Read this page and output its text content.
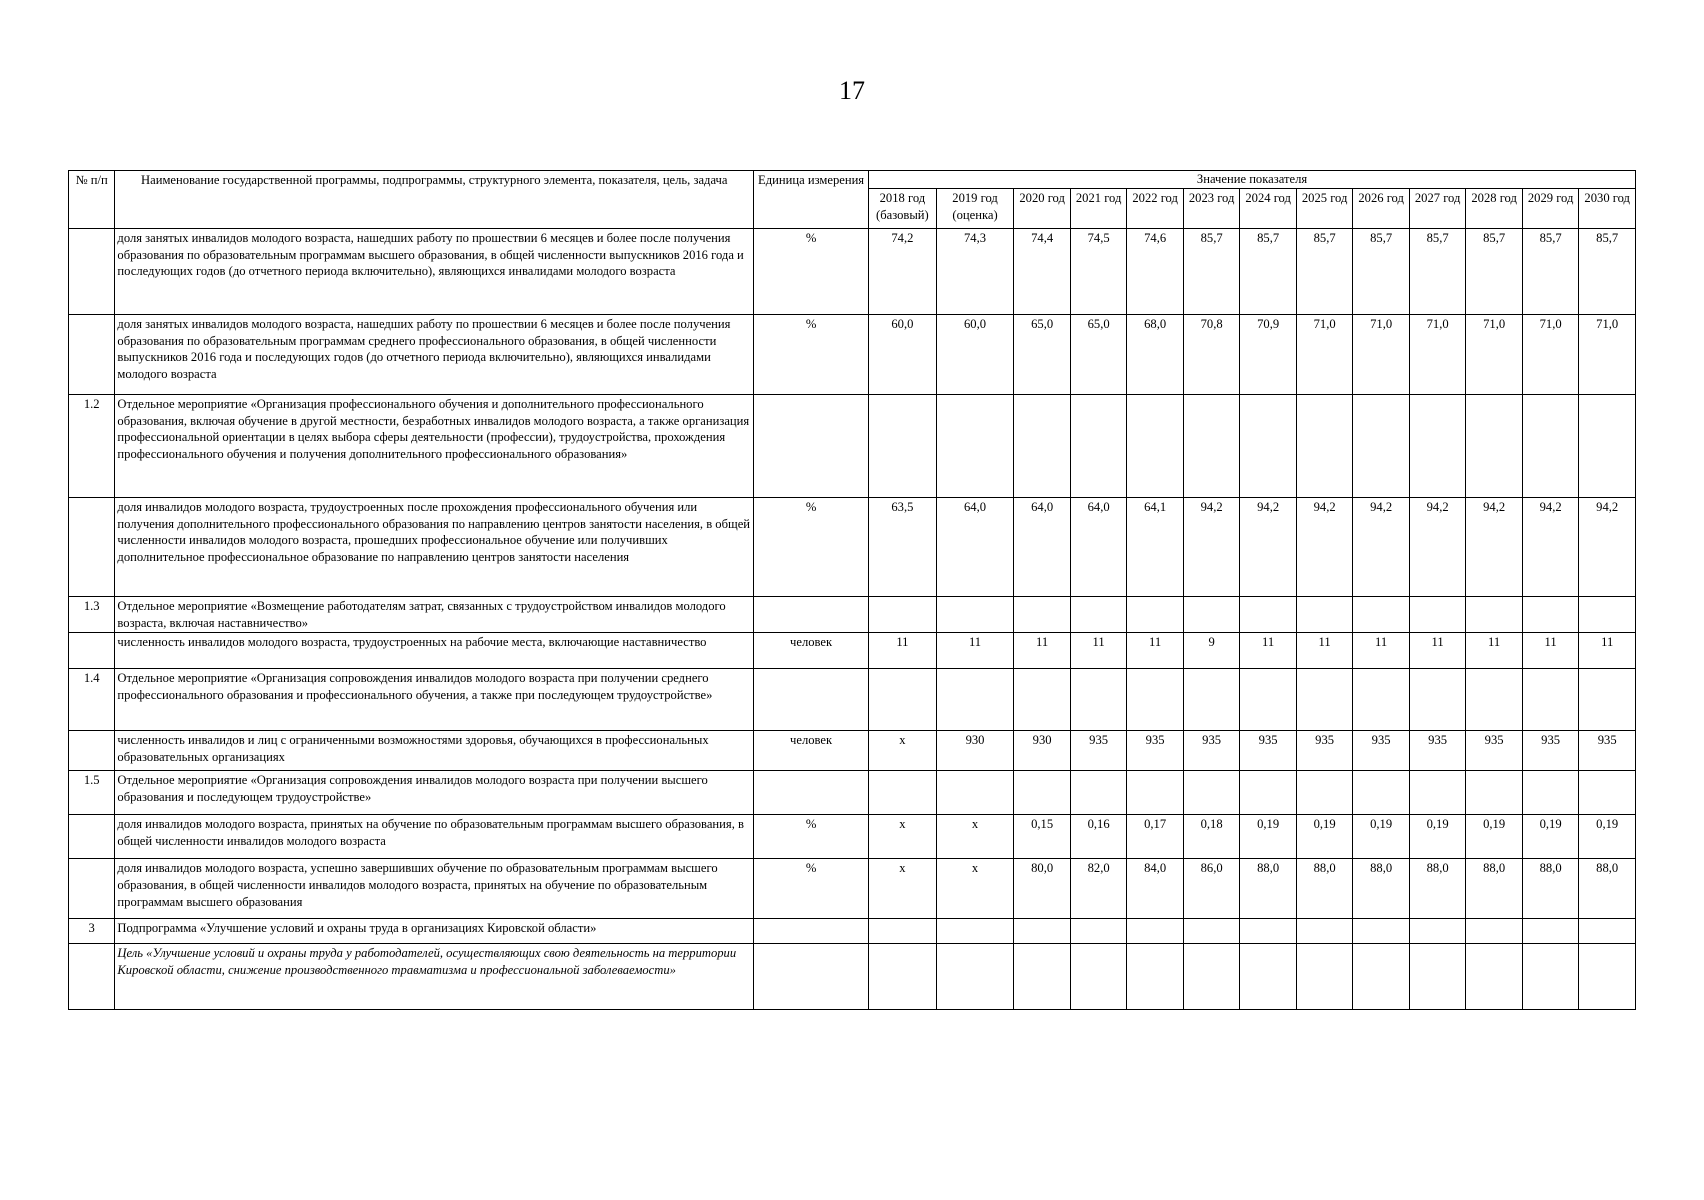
17
№ п/п	Наименование государственной программы, подпрограммы, структурного элемента, показателя, цель, задача	Единица измерения	Значение показателя												
			2018 год (базовый)	2019 год (оценка)	2020 год	2021 год	2022 год	2023 год	2024 год	2025 год	2026 год	2027 год	2028 год	2029 год	2030 год
	доля занятых инвалидов молодого возраста, нашедших работу по прошествии 6 месяцев и более после получения образования по образовательным программам высшего образования, в общей численности выпускников 2016 года и последующих годов (до отчетного периода включительно), являющихся инвалидами молодого возраста	%	74,2	74,3	74,4	74,5	74,6	85,7	85,7	85,7	85,7	85,7	85,7	85,7	85,7
	доля занятых инвалидов молодого возраста, нашедших работу по прошествии 6 месяцев и более после получения образования по образовательным программам среднего профессионального образования, в общей численности выпускников 2016 года и последующих годов (до отчетного периода включительно), являющихся инвалидами молодого возраста	%	60,0	60,0	65,0	65,0	68,0	70,8	70,9	71,0	71,0	71,0	71,0	71,0	71,0
1.2	Отдельное мероприятие «Организация профессионального обучения и дополнительного профессионального образования, включая обучение в другой местности, безработных инвалидов молодого возраста, а также организация профессиональной ориентации в целях выбора сферы деятельности (профессии), трудоустройства, прохождения профессионального обучения и получения дополнительного профессионального образования»														
	доля инвалидов молодого возраста, трудоустроенных после прохождения профессионального обучения или получения дополнительного профессионального образования по направлению центров занятости населения, в общей численности инвалидов молодого возраста, прошедших профессиональное обучение или получивших дополнительное профессиональное образование по направлению центров занятости населения	%	63,5	64,0	64,0	64,0	64,1	94,2	94,2	94,2	94,2	94,2	94,2	94,2	94,2
1.3	Отдельное мероприятие «Возмещение работодателям затрат, связанных с трудоустройством инвалидов молодого возраста, включая наставничество»														
	численность инвалидов молодого возраста, трудоустроенных на рабочие места, включающие наставничество	человек	11	11	11	11	11	9	11	11	11	11	11	11	11
1.4	Отдельное мероприятие «Организация сопровождения инвалидов молодого возраста при получении среднего профессионального образования и профессионального обучения, а также при последующем трудоустройстве»														
	численность инвалидов и лиц с ограниченными возможностями здоровья, обучающихся в профессиональных образовательных организациях	человек	x	930	930	935	935	935	935	935	935	935	935	935	935
1.5	Отдельное мероприятие «Организация сопровождения инвалидов молодого возраста при получении высшего образования и последующем трудоустройстве»														
	доля инвалидов молодого возраста, принятых на обучение по образовательным программам высшего образования, в общей численности инвалидов молодого возраста	%	x	x	0,15	0,16	0,17	0,18	0,19	0,19	0,19	0,19	0,19	0,19	0,19
	доля инвалидов молодого возраста, успешно завершивших обучение по образовательным программам высшего образования, в общей численности инвалидов молодого возраста, принятых на обучение по образовательным программам высшего образования	%	x	x	80,0	82,0	84,0	86,0	88,0	88,0	88,0	88,0	88,0	88,0	88,0
3	Подпрограмма «Улучшение условий и охраны труда в организациях Кировской области»														
	Цель «Улучшение условий и охраны труда у работодателей, осуществляющих свою деятельность на территории Кировской области, снижение производственного травматизма и профессиональной заболеваемости»														
